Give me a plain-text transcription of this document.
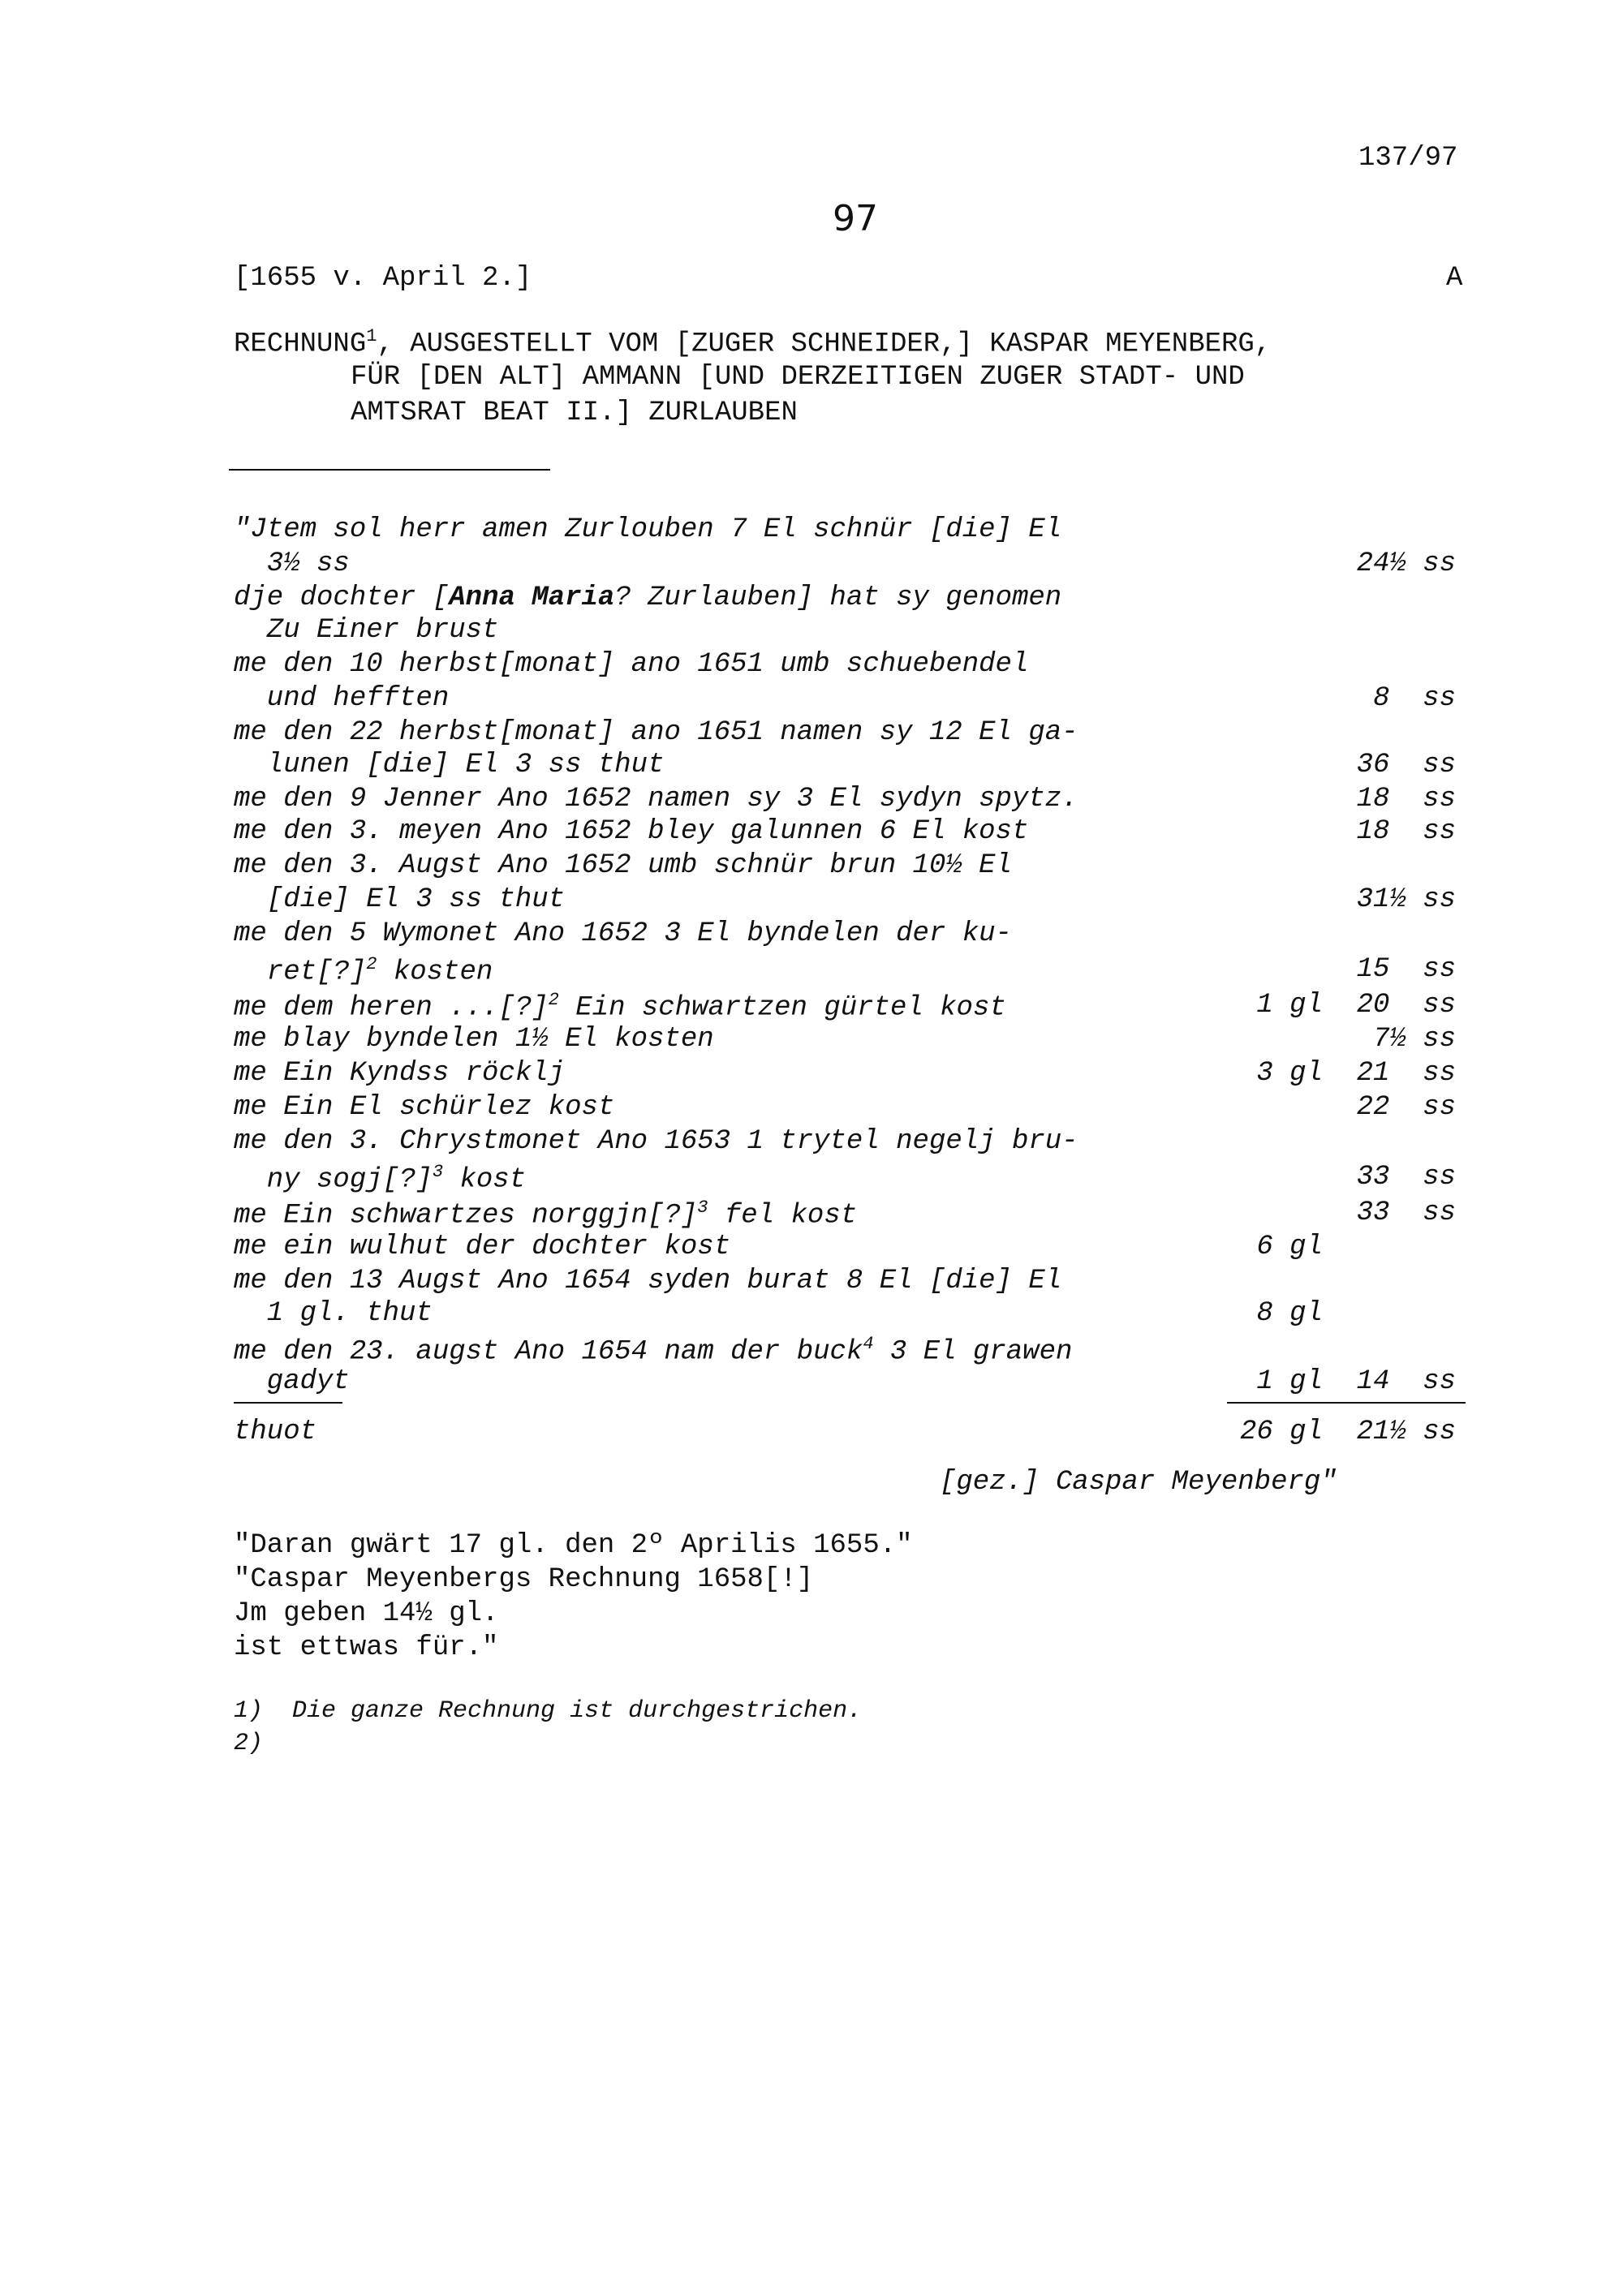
137/97
97
[1655 v. April 2.]	A
RECHNUNG$^1$, AUSGESTELLT VOM [ZUGER SCHNEIDER,] KASPAR MEYENBERG,
FÜR [DEN ALT] AMMANN [UND DERZEITIGEN ZUGER STADT- UND
AMTSRAT BEAT II.] ZURLAUBEN
"Jtem sol herr amen Zurlouben 7 El schnür [die] El
3½ ss	24½ ss
dje dochter [Anna Maria? Zurlauben] hat sy genomen
Zu Einer brust
me den 10 herbst[monat] ano 1651 umb schuebendel
und hefften	8  ss
me den 22 herbst[monat] ano 1651 namen sy 12 El ga-
lunen [die] El 3 ss thut	36  ss
me den 9 Jenner Ano 1652 namen sy 3 El sydyn spytz.	18  ss
me den 3. meyen Ano 1652 bley galunnen 6 El kost	18  ss
me den 3. Augst Ano 1652 umb schnür brun 10½ El
[die] El 3 ss thut	31½ ss
me den 5 Wymonet Ano 1652 3 El byndelen der ku-
ret[?]$^2$ kosten	15  ss
me dem heren ...[?]$^2$ Ein schwartzen gürtel kost	1 gl	20  ss
me blay byndelen 1½ El kosten	7½ ss
me Ein Kyndss röcklj	3 gl	21  ss
me Ein El schürlez kost	22  ss
me den 3. Chrystmonet Ano 1653 1 trytel negelj bru-
ny sogj[?]$^3$ kost	33  ss
me Ein schwartzes norggjn[?]$^3$ fel kost	33  ss
me ein wulhut der dochter kost	6 gl
me den 13 Augst Ano 1654 syden burat 8 El [die] El
1 gl. thut	8 gl
me den 23. augst Ano 1654 nam der buck$^4$ 3 El grawen
gadyt	1 gl	14  ss
thuot	26 gl	21½ ss
[gez.] Caspar Meyenberg"
"Daran gwärt 17 gl. den 2º Aprilis 1655."
"Caspar Meyenbergs Rechnung 1658[!]
Jm geben 14½ gl.
ist ettwas für."
1)  Die ganze Rechnung ist durchgestrichen.
2)
